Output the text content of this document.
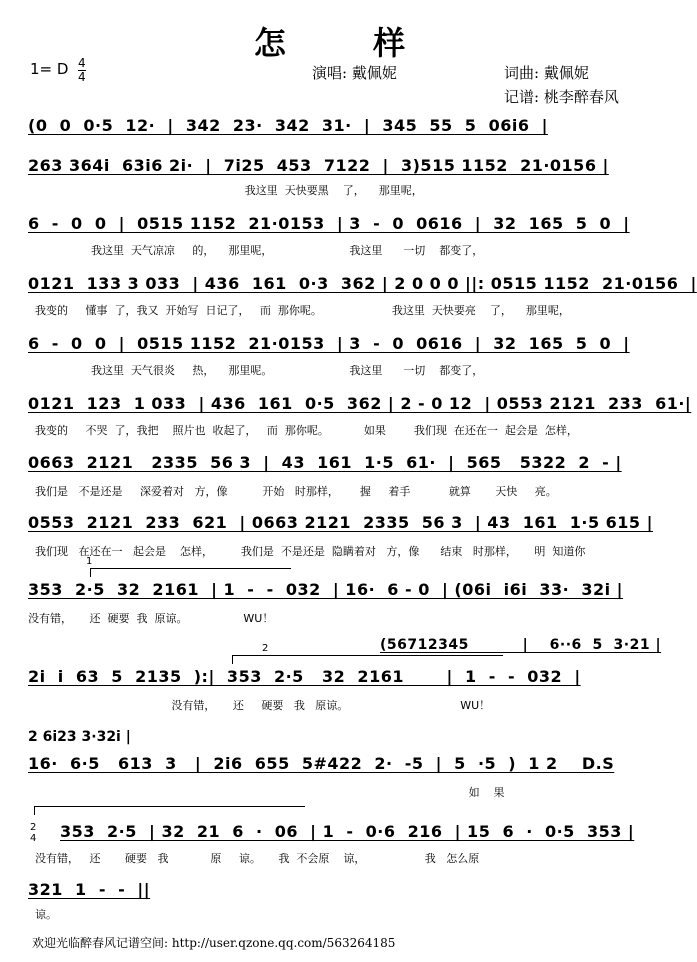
怎 样
演唱: 戴佩妮	词曲: 戴佩妮
记谱: 桃李醉春风
1= D 4
4
(0  0  0·5  12·  |  342  23·  342  31·  |  345  55  5  06i6  |
263 364i  63i6 2i·  |  7i25  453  7122  |  3)515 1152  21·0156 |
我这里  天快要黑    了，    那里呢，
6  -  0  0  |  0515 1152  21·0153  | 3  -  0  0616  |  32  165  5  0  |
我这里  天气凉凉     的，    那里呢，                      我这里      一切    都变了，
0121  133 3 033  | 436  161  0·3  362 | 2 0 0 0 ||: 0515 1152  21·0156  |
我变的     懂事  了，我又  开始写  日记了，   而  那你呢。                    我这里  天快要亮    了，    那里呢，
6  -  0  0  |  0515 1152  21·0153  | 3  -  0  0616  |  32  165  5  0  |
我这里  天气很炎     热，    那里呢。                      我这里      一切    都变了，
0121  123  1 033  | 436  161  0·5  362 | 2 - 0 12  | 0553 2121  233  61·|
我变的     不哭  了，我把    照片也  收起了，   而  那你呢。          如果        我们现  在还在一  起会是  怎样，
0663  2121   2335  56 3  |  43  161  1·5  61·  |  565   5322  2  - |
我们是   不是还是     深爱着对   方，像          开始   时那样，      握     着手           就算       天快     亮。
0553  2121  233  621  | 0663 2121  2335  56 3  | 43  161  1·5 615 |
我们现   在还在一   起会是    怎样，        我们是  不是还是  隐瞒着对   方，像      结束   时那样，     明  知道你
1
353  2·5  32  2161  | 1  -  -  032  | 16·  6 - 0  | (06i  i6i  33·  32i |
没有错，     还  硬要  我  原谅。                WU！
(56712345          |    6··6  5  3·21 |
2
2i  i  63  5  2135  ):|  353  2·5   32  2161       |  1  -  -  032  |
没有错，     还     硬要   我   原谅。                                WU！
2 6i23 3·32i |
16·  6·5   613  3   |  2i6  655  5#422  2·  -5  |  5  ·5  )  1 2    D.S
如    果
2
4 353  2·5  | 32  21  6  ·  06  | 1  -  0·6  216  | 15  6  ·  0·5  353 |
没有错，   还       硬要   我            原     谅。     我  不会原    谅，                 我   怎么原
321  1  -  -  ||
谅。
欢迎光临醉春风记谱空间: http://user.qzone.qq.com/563264185
